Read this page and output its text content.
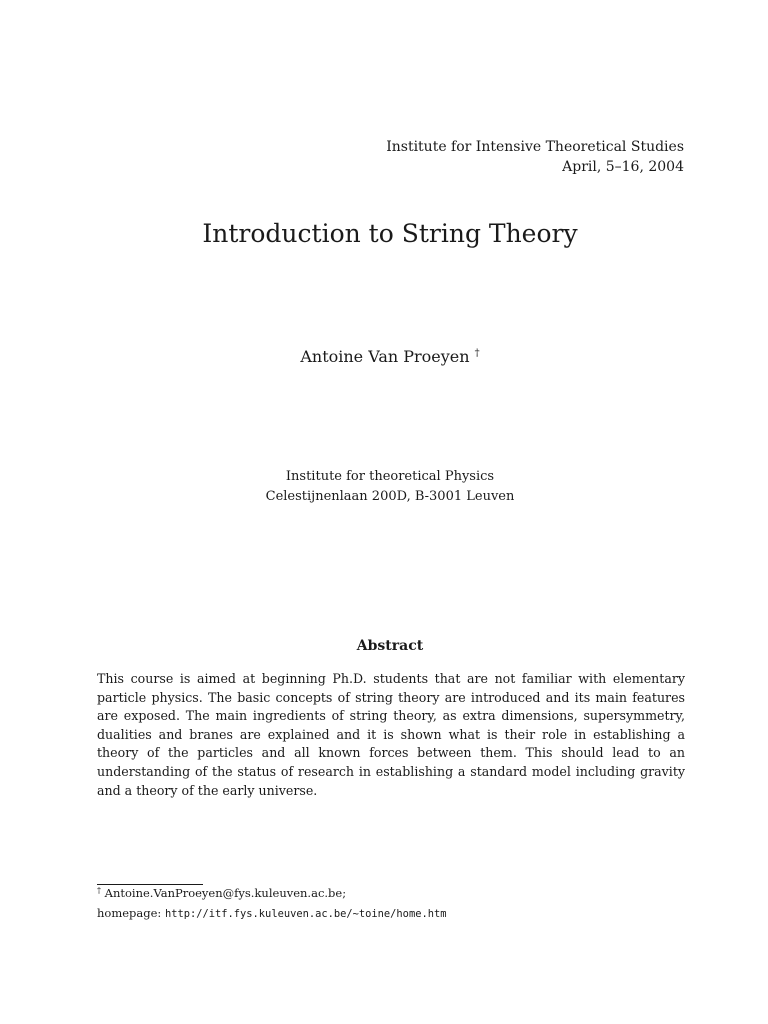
Institute for Intensive Theoretical Studies
April, 5–16, 2004
Introduction to String Theory
Antoine Van Proeyen †
Institute for theoretical Physics
Celestijnenlaan 200D, B-3001 Leuven
Abstract
This course is aimed at beginning Ph.D. students that are not familiar with elementary particle physics. The basic concepts of string theory are introduced and its main features are exposed. The main ingredients of string theory, as extra dimensions, supersymmetry, dualities and branes are explained and it is shown what is their role in establishing a theory of the particles and all known forces between them. This should lead to an understanding of the status of research in establishing a standard model including gravity and a theory of the early universe.
† Antoine.VanProeyen@fys.kuleuven.ac.be;
homepage: http://itf.fys.kuleuven.ac.be/~toine/home.htm
